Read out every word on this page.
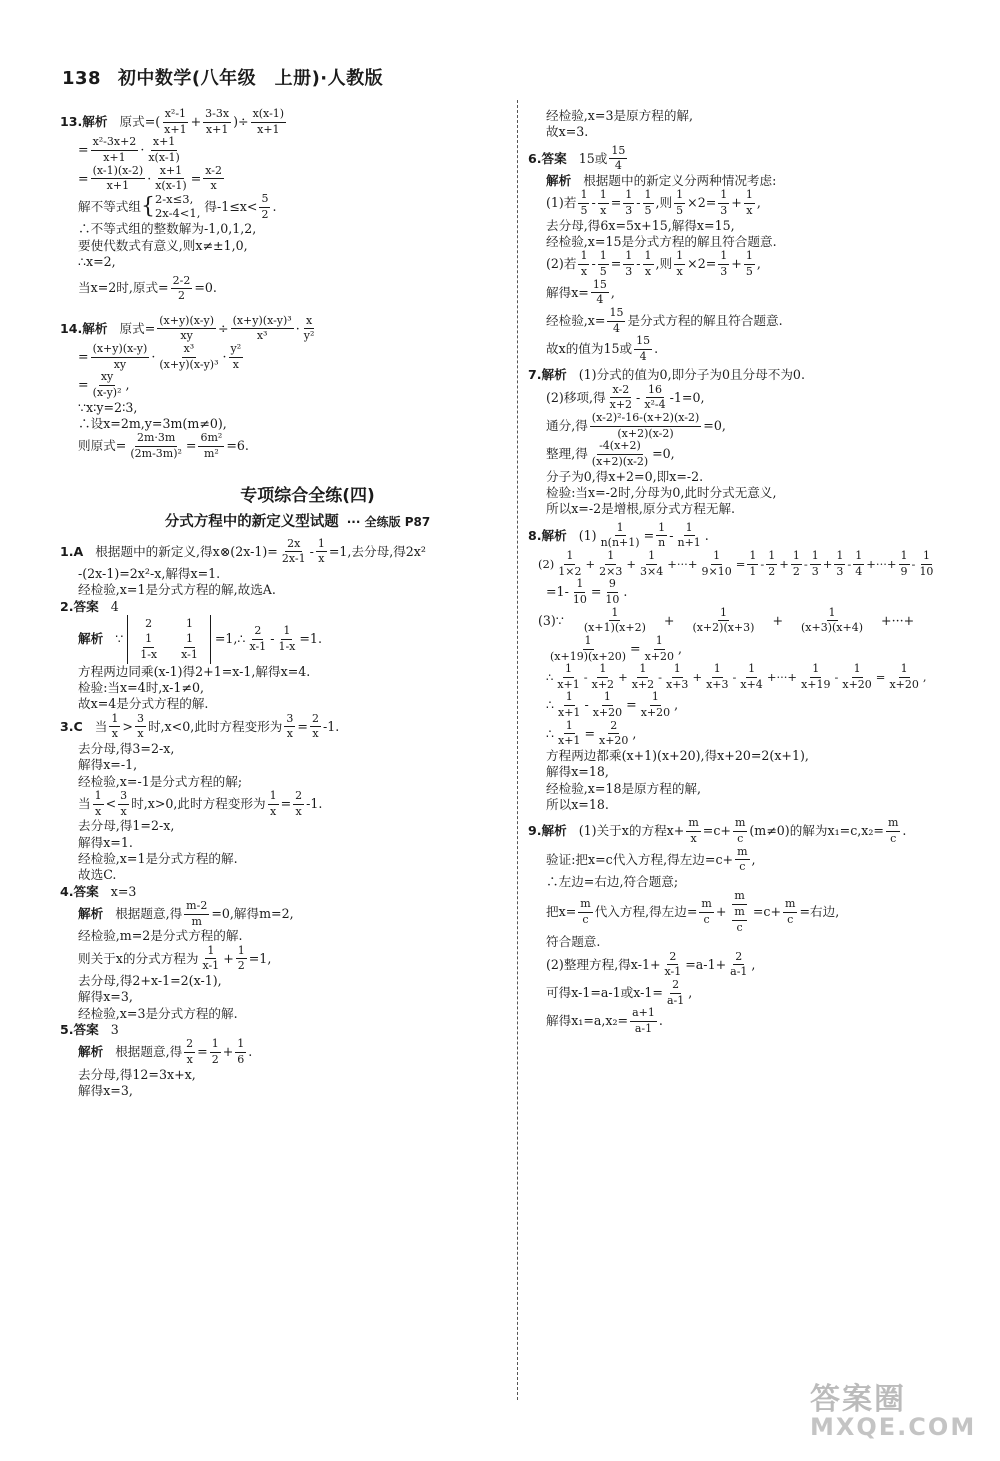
138 初中数学(八年级　上册)·人教版
13.解析 原式= (
x²-1
x+1
+ $\frac{3-3x}{x+1}$ ) ÷ $\frac{x(x-1)}{x+1}$
= $\frac{\text{x²-3x+2}}{x+1}$ ·
x+1
x(x-1)
= $\frac{(x-1)(x-2)}{x+1} \cdot \frac{x+1}{x(x-1)} = \frac{x-2}{x}$
解不等式组 { 2-x≤3,
2x-4<1, 得-1≤x<
5
2
.
∴不等式组的整数解为-1,0,1,2,
要使代数式有意义,则x≠±1,0,
∴x=2,
当x=2时,原式= $\frac{2-2}{2} =0$.
14.解析 原式= $\frac{(x+y)(x-y)}{xy} \div \frac{\text{(x+y)(x-y)³}}{\text{x³}}$ ·
x
y²
= $\frac{(x+y)(x-y)}{xy}$ ·
x³
(x+y)(x-y)³
·
y²
x
= $\frac{xy}{\text{(x-y)²}}$ ,
∵x∶y=2∶3,
∴设x=2m,y=3m(m≠0),
则原式= $\frac{2m\cdot 3m}{\text{(2m-3m)²}} = \frac{\text{6m²}}{\text{m²}} =6$.
专项综合全练(四)
分式方程中的新定义型试题 ··· 全练版 P87
1.A 根据题中的新定义,得x⊗(2x-1)= $\frac{2x}{2x-1} - \frac{1}{x} =1$,去分母,得2x²
-(2x-1)=2x²-x,解得x=1.
经检验,x=1是分式方程的解,故选A.
2.答案 4
解析 ∵
2	1
1
1-x
1
x-1
=1,∴
2
x-1
- $\frac{1}{1-x} =1$.
方程两边同乘(x-1)得2+1=x-1,解得x=4.
检验:当x=4时,x-1≠0,
故x=4是分式方程的解.
3.C 当
1
x
>
3
x
时,x<0,此时方程变形为 $\frac{3}{x} = \frac{2}{x} -1$.
去分母,得3=2-x,
解得x=-1,
经检验,x=-1是分式方程的解;
当
1
x
<
3
x
时,x>0,此时方程变形为 $\frac{1}{x} = \frac{2}{x} -1$.
去分母,得1=2-x,
解得x=1.
经检验,x=1是分式方程的解.
故选C.
4.答案 x=3
解析 根据题意,得 $\frac{m-2}{m} =0$,解得m=2,
经检验,m=2是分式方程的解.
则关于x的分式方程为
1
x-1
+ $\frac{1}{2} =1$,
去分母,得2+x-1=2(x-1),
解得x=3,
经检验,x=3是分式方程的解.
5.答案 3
解析 根据题意,得 $\frac{2}{x} = \frac{1}{2} + \frac{1}{6}$ .
去分母,得12=3x+x,
解得x=3,
经检验,x=3是原方程的解,
故x=3.
6.答案 15或
15
4
解析 根据题中的新定义分两种情况考虑:
(1)若
1
5
- $\frac{1}{x} = \frac{1}{3}$ -
1
5
,则 $\frac{1}{5} \times 2= \frac{1}{3} + \frac{1}{x}$ ,
去分母,得6x=5x+15,解得x=15,
经检验,x=15是分式方程的解且符合题意.
(2)若
1
x
- $\frac{1}{5} = \frac{1}{3}$ -
1
x
,则 $\frac{1}{x} \times 2= \frac{1}{3} + \frac{1}{5}$ ,
解得$x= \frac{15}{4}$ ,
经检验$,x= \frac{15}{4}$ 是分式方程的解且符合题意.
故x的值为15或
15
4
.
7.解析 (1)分式的值为0,即分子为0且分母不为0.
(2)移项,得
x-2
x+2
-
16
x²-4
-1=0,
通分,得 $\frac{\text{(x-2)²-16-(x+2)(x-2)}}{(x+2)(x-2)} =0$,
整理,得 $\frac{-4(x+2)}{(x+2)(x-2)} =0$,
分子为0,得x+2=0,即x=-2.
检验:当x=-2时,分母为0,此时分式无意义,
所以x=-2是增根,原分式方程无解.
8.解析 $(1) \frac{1}{n(n+1)} = \frac{1}{n}$ -
1
n+1
.
(2)
1
1×2
+ $\frac{1}{2\times 3} + \frac{1}{3\times 4}$ +···+ $\frac{1}{9\times 10} = \frac{1}{1}$ -
1
2
+ $\frac{1}{2}$ -
1
3
+ $\frac{1}{3}$ -
1
4
+···+ $\frac{1}{9}$ -
1
10
$=1- \frac{1}{10} = \frac{9}{10}$ .
(3)∵
1
(x+1)(x+2)
+ $\frac{1}{(x+2)(x+3)} + \frac{1}{(x+3)(x+4)}$ +···+
$\frac{1}{(x+19)(x+20)} = \frac{1}{x+20}$ ,
∴
1
x+1
-
1
x+2
+ $\frac{1}{x+2}$ -
1
x+3
+ $\frac{1}{x+3}$ -
1
x+4
+···+ $\frac{1}{x+19} - \frac{1}{x+20} = \frac{1}{x+20}$ ,
∴
1
x+1
- $\frac{1}{x+20} = \frac{1}{x+20}$ ,
∴ $\frac{1}{x+1} = \frac{2}{x+20}$ ,
方程两边都乘(x+1)(x+20),得x+20=2(x+1),
解得x=18,
经检验,x=18是原方程的解,
所以x=18.
9.解析 (1)关于x的方程$x+ \frac{m}{x} =c+ \frac{m}{c} (m\ne 0)$的解为$x_1=c,x_2= \frac{m}{c}$ .
验证:把x=c代入方程,得左边$=c+ \frac{m}{c}$ ,
∴左边=右边,符合题意;
把$x= \frac{m}{c}$ 代入方程,得左边= $\frac{m}{c} + \frac{m}{\frac{m}{c}} =c+ \frac{m}{c}$ =右边,
符合题意.
(2)整理方程,得$x-1+ \frac{2}{x-1} =a-1+ \frac{2}{a-1}$ ,
可得x-1=a-1或$x-1= \frac{2}{a-1}$ ,
解得$x_1=a,x_2= \frac{a+1}{a-1}$ .
答案圈
MXQE.COM
